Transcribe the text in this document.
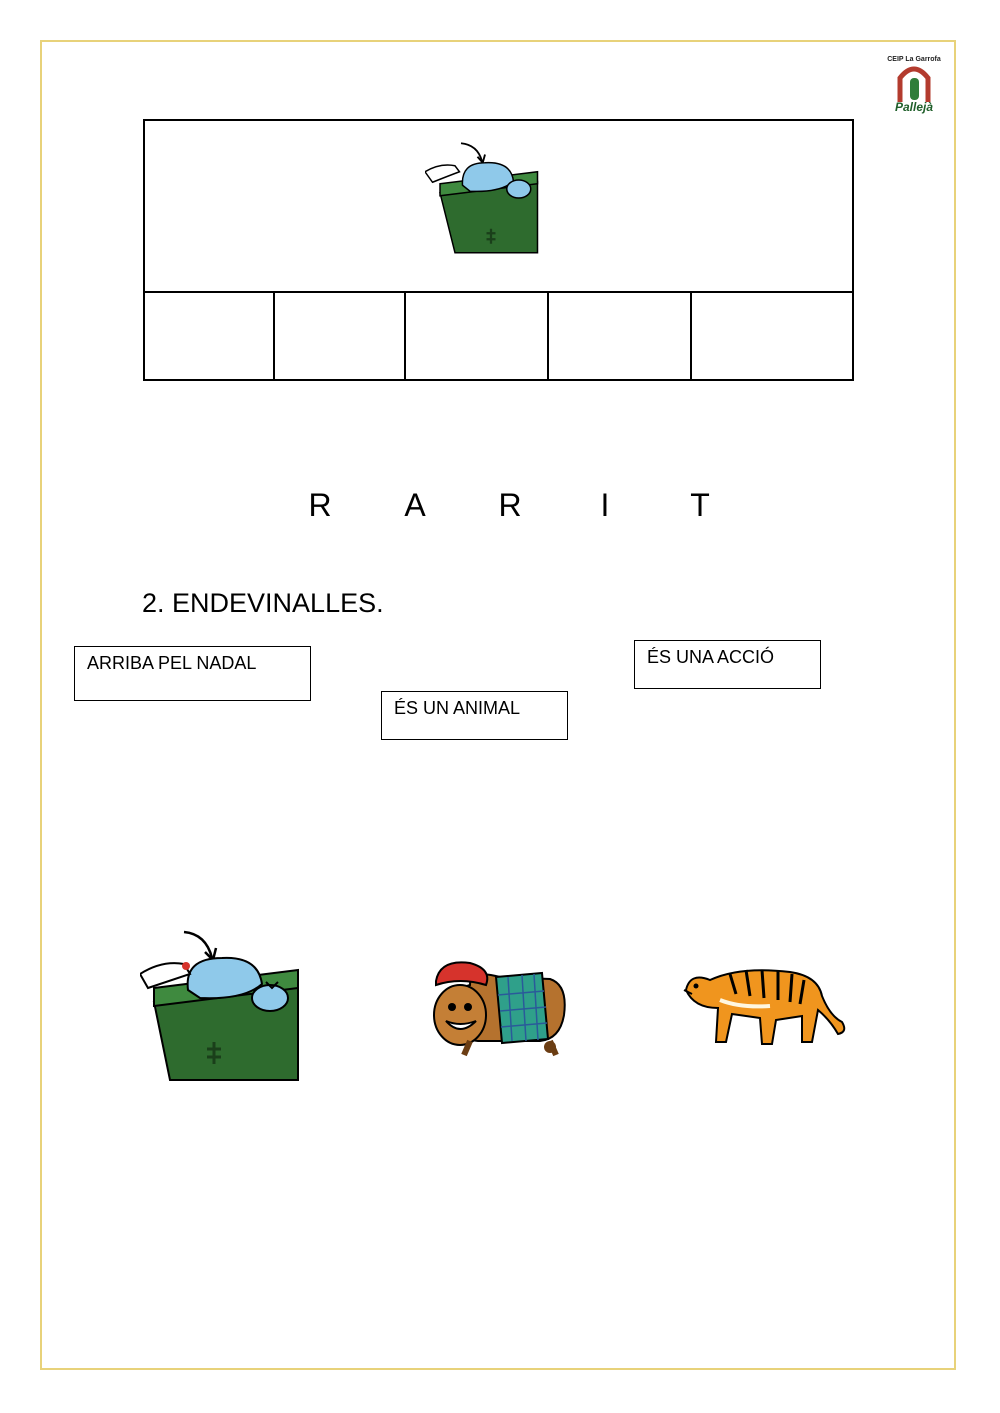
CEIP La Garrofa
Pallejà
R A R	I	T
2. ENDEVINALLES.
ARRIBA PEL NADAL
ÉS UN ANIMAL
ÉS UNA ACCIÓ
